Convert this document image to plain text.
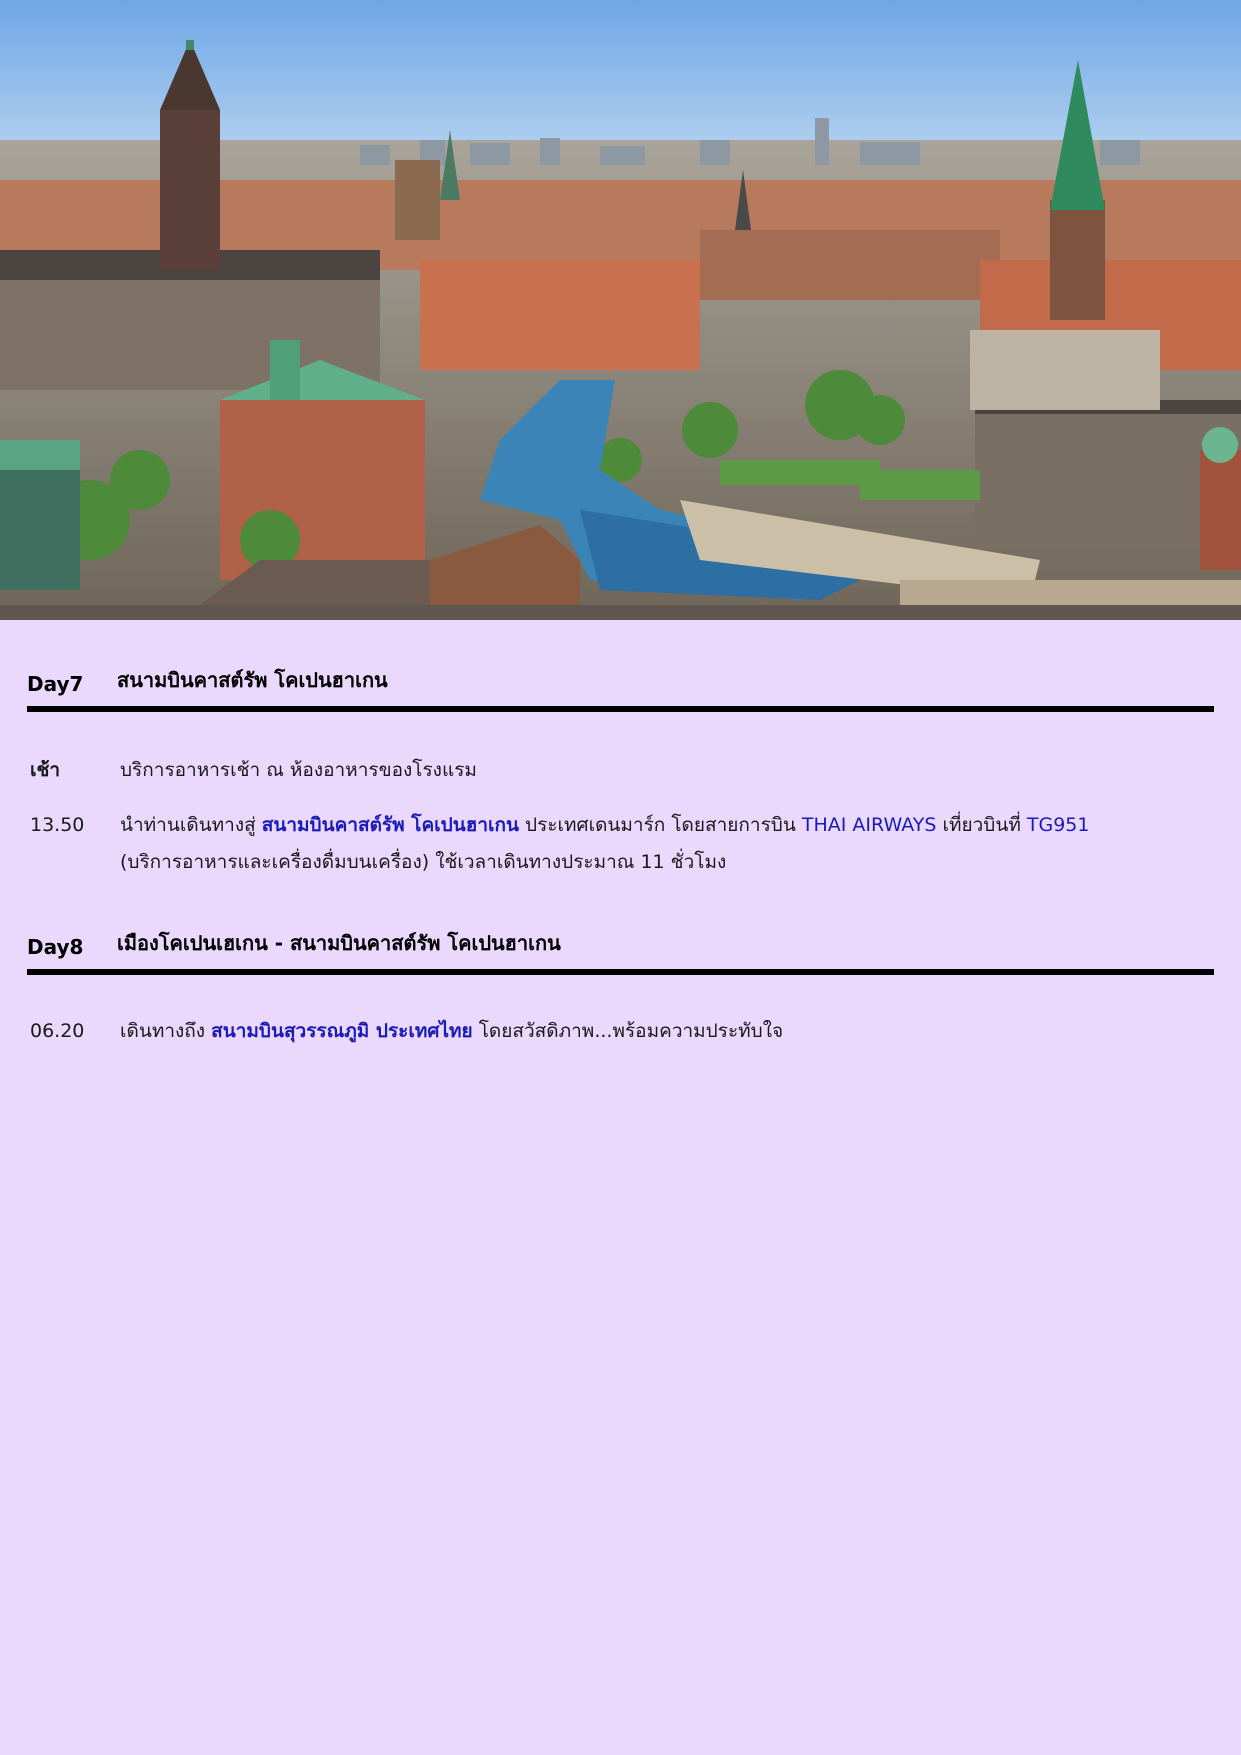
Day7	สนามบินคาสต์รัพ โคเปนฮาเกน
เช้า	บริการอาหารเช้า ณ ห้องอาหารของโรงแรม
13.50	นำท่านเดินทางสู่ สนามบินคาสต์รัพ โคเปนฮาเกน ประเทศเดนมาร์ก โดยสายการบิน THAI AIRWAYS เที่ยวบินที่ TG951
(บริการอาหารและเครื่องดื่มบนเครื่อง) ใช้เวลาเดินทางประมาณ 11 ชั่วโมง
Day8	เมืองโคเปนเฮเกน - สนามบินคาสต์รัพ โคเปนฮาเกน
06.20	เดินทางถึง สนามบินสุวรรณภูมิ ประเทศไทย โดยสวัสดิภาพ...พร้อมความประทับใจ
